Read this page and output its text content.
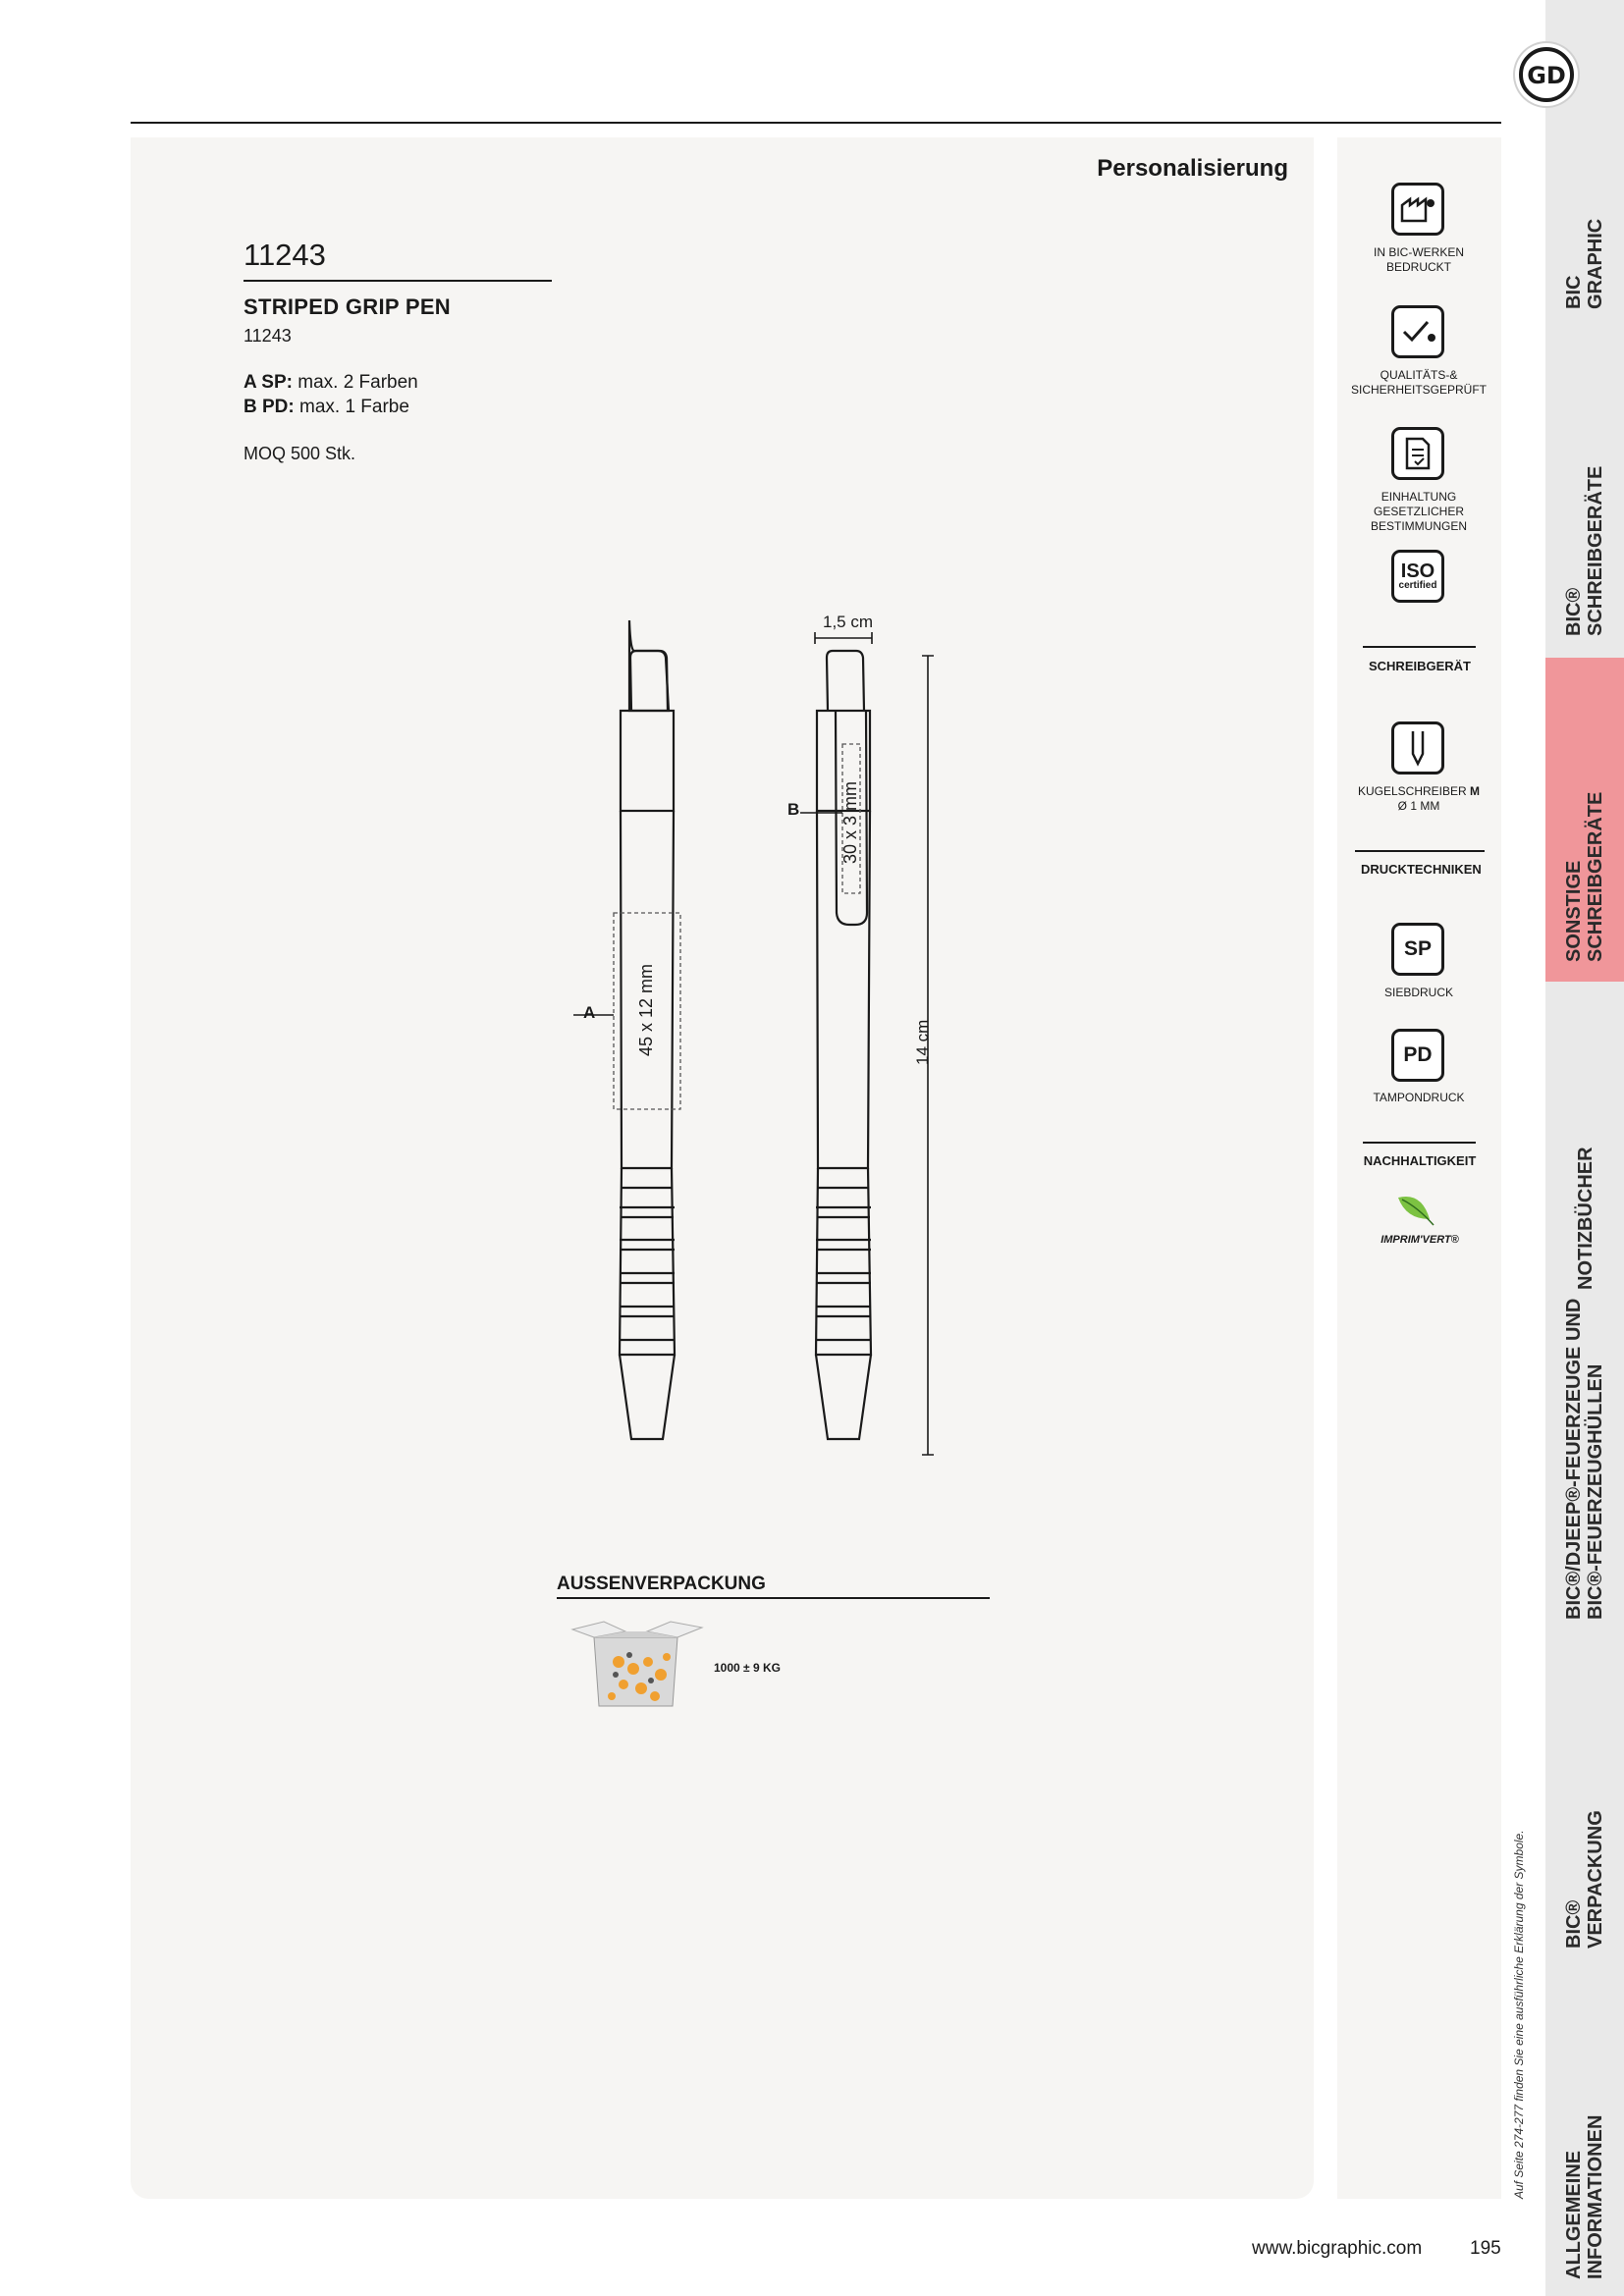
Personalisierung
11243
STRIPED GRIP PEN
11243
A SP: max. 2 Farben
B PD: max. 1 Farbe
MOQ 500 Stk.
1,5 cm
14 cm
A
B
45 x 12 mm
30 x 3 mm
AUSSENVERPACKUNG
1000 ± 9 KG
IN BIC-WERKEN
BEDRUCKT
QUALITÄTS-&
SICHERHEITSGEPRÜFT
EINHALTUNG GESETZLICHER
BESTIMMUNGEN
ISO
certified
SCHREIBGERÄT
KUGELSCHREIBER M
Ø 1 MM
DRUCKTECHNIKEN
SP
SIEBDRUCK
PD
TAMPONDRUCK
NACHHALTIGKEIT
IMPRIM'VERT®
Auf Seite 274-277 finden Sie eine ausführliche Erklärung der Symbole.
GD
BIC GRAPHIC
BIC® SCHREIBGERÄTE
SONSTIGE SCHREIBGERÄTE
NOTIZBÜCHER
BIC®/DJEEP®-FEUERZEUGE UND BIC®-FEUERZEUGHÜLLEN
BIC® VERPACKUNG
ALLGEMEINE INFORMATIONEN
www.bicgraphic.com	195
